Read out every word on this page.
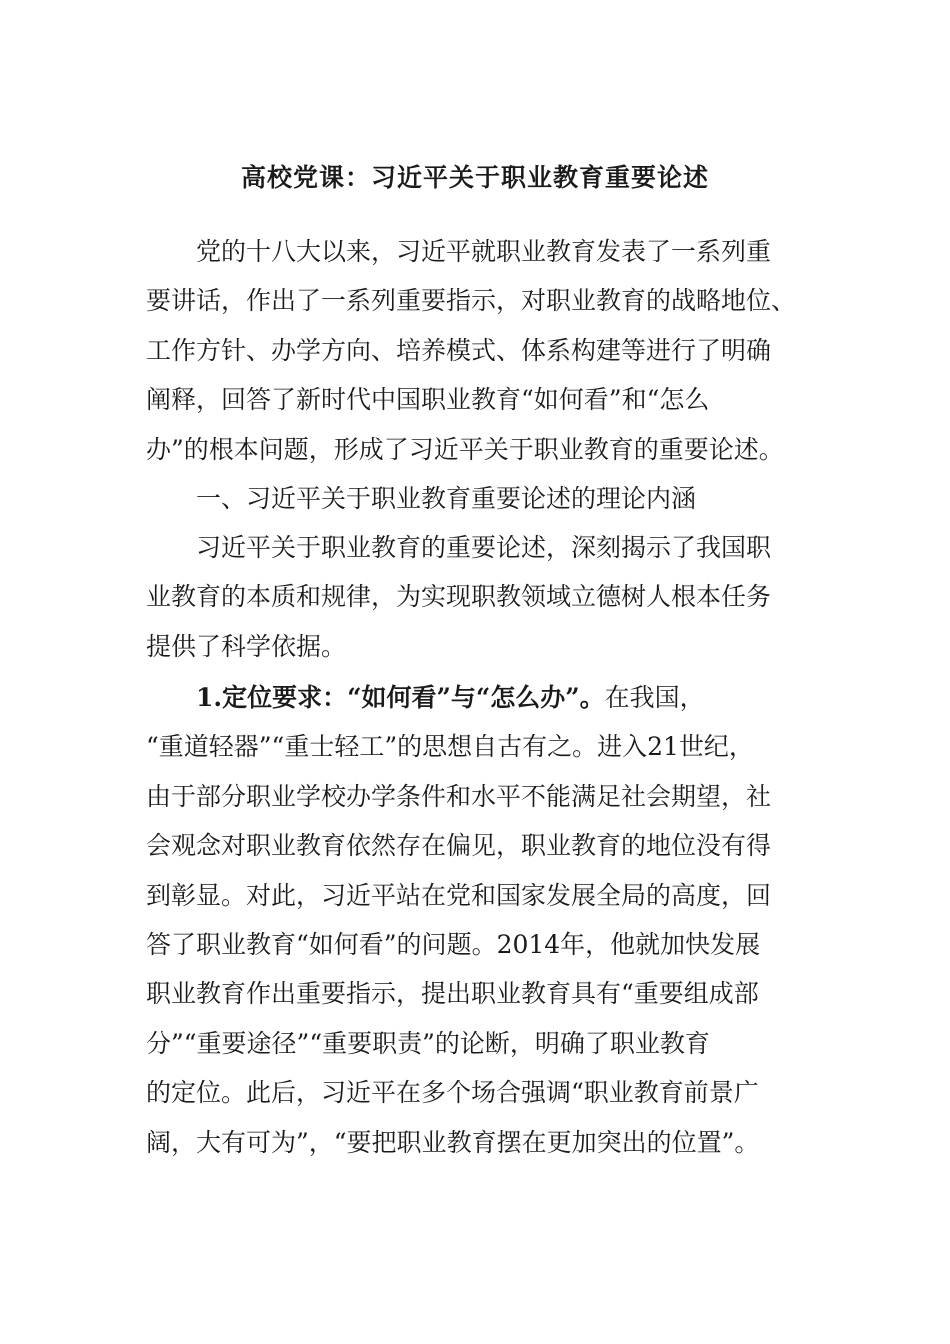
高校党课：习近平关于职业教育重要论述
党的十八大以来，习近平就职业教育发表了一系列重
要讲话，作出了一系列重要指示，对职业教育的战略地位、
工作方针、办学方向、培养模式、体系构建等进行了明确
阐释，回答了新时代中国职业教育“如何看”和“怎么
办”的根本问题，形成了习近平关于职业教育的重要论述。
一、习近平关于职业教育重要论述的理论内涵
习近平关于职业教育的重要论述，深刻揭示了我国职
业教育的本质和规律，为实现职教领域立德树人根本任务
提供了科学依据。
1.定位要求：“如何看”与“怎么办”。在我国，
“重道轻器”“重士轻工”的思想自古有之。进入21世纪，
由于部分职业学校办学条件和水平不能满足社会期望，社
会观念对职业教育依然存在偏见，职业教育的地位没有得
到彰显。对此，习近平站在党和国家发展全局的高度，回
答了职业教育“如何看”的问题。2014年，他就加快发展
职业教育作出重要指示，提出职业教育具有“重要组成部
分”“重要途径”“重要职责”的论断，明确了职业教育
的定位。此后，习近平在多个场合强调“职业教育前景广
阔，大有可为”，“要把职业教育摆在更加突出的位置”。
